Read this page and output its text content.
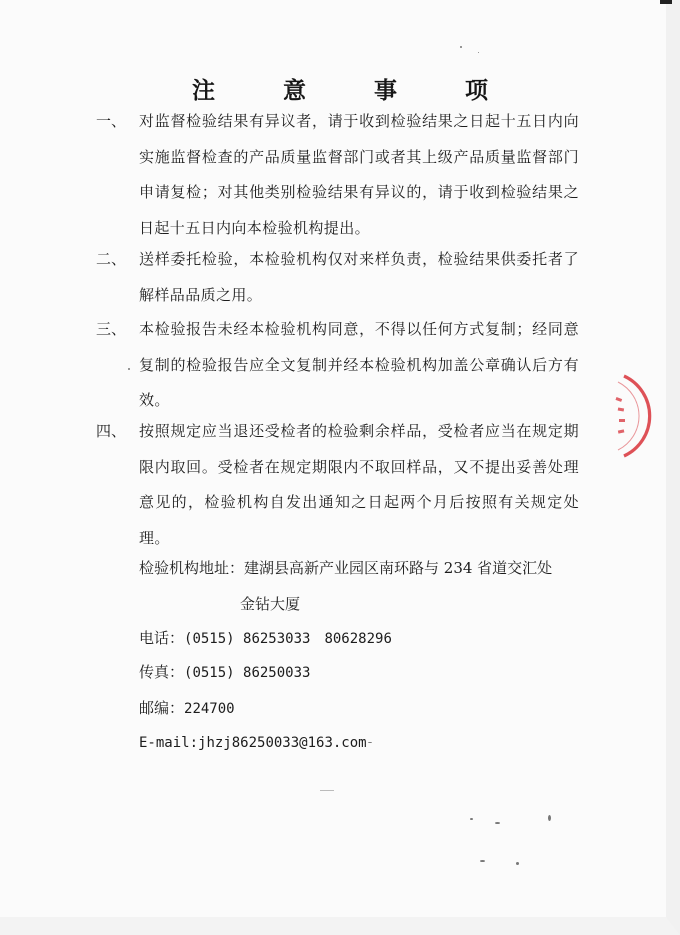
注 意 事 项
一、 对监督检验结果有异议者，请于收到检验结果之日起十五日内向实施监督检查的产品质量监督部门或者其上级产品质量监督部门申请复检；对其他类别检验结果有异议的，请于收到检验结果之日起十五日内向本检验机构提出。
二、 送样委托检验，本检验机构仅对来样负责，检验结果供委托者了解样品品质之用。
三、 本检验报告未经本检验机构同意，不得以任何方式复制；经同意复制的检验报告应全文复制并经本检验机构加盖公章确认后方有效。
四、 按照规定应当退还受检者的检验剩余样品，受检者应当在规定期限内取回。受检者在规定期限内不取回样品，又不提出妥善处理意见的，检验机构自发出通知之日起两个月后按照有关规定处理。
检验机构地址：建湖县高新产业园区南环路与 234 省道交汇处
金钻大厦
电话：(0515) 86253033　80628296
传真：(0515) 86250033
邮编：224700
E-mail:jhzj86250033@163.com
